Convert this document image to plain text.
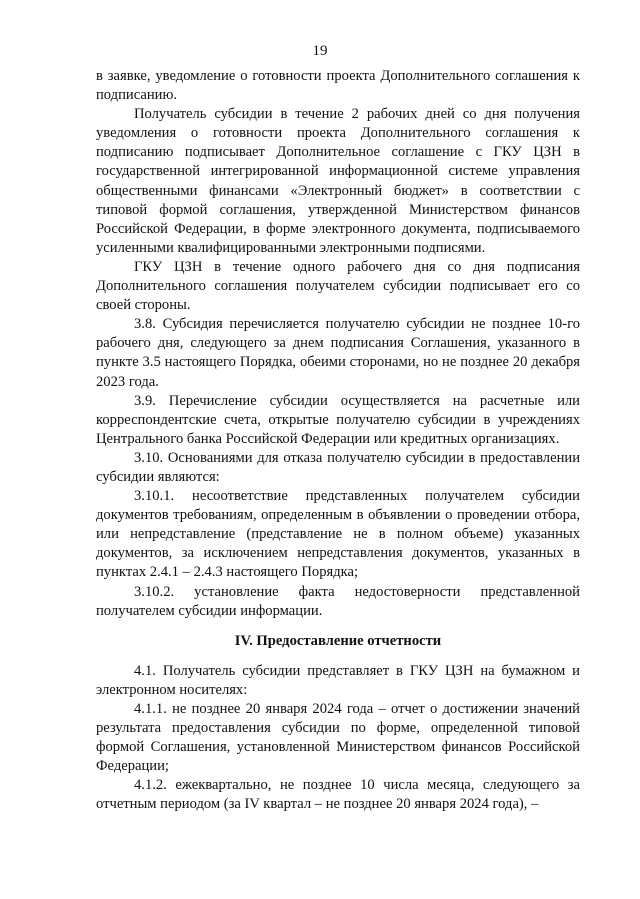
19

в заявке, уведомление о готовности проекта Дополнительного соглашения к подписанию.

Получатель субсидии в течение 2 рабочих дней со дня получения уведомления о готовности проекта Дополнительного соглашения к подписанию подписывает Дополнительное соглашение с ГКУ ЦЗН в государственной интегрированной информационной системе управления общественными финансами «Электронный бюджет» в соответствии с типовой формой соглашения, утвержденной Министерством финансов Российской Федерации, в форме электронного документа, подписываемого усиленными квалифицированными электронными подписями.

ГКУ ЦЗН в течение одного рабочего дня со дня подписания Дополнительного соглашения получателем субсидии подписывает его со своей стороны.

3.8. Субсидия перечисляется получателю субсидии не позднее 10-го рабочего дня, следующего за днем подписания Соглашения, указанного в пункте 3.5 настоящего Порядка, обеими сторонами, но не позднее 20 декабря 2023 года.

3.9. Перечисление субсидии осуществляется на расчетные или корреспондентские счета, открытые получателю субсидии в учреждениях Центрального банка Российской Федерации или кредитных организациях.

3.10. Основаниями для отказа получателю субсидии в предоставлении субсидии являются:

3.10.1. несоответствие представленных получателем субсидии документов требованиям, определенным в объявлении о проведении отбора, или непредставление (представление не в полном объеме) указанных документов, за исключением непредставления документов, указанных в пунктах 2.4.1 – 2.4.3 настоящего Порядка;

3.10.2. установление факта недостоверности представленной получателем субсидии информации.

IV. Предоставление отчетности

4.1. Получатель субсидии представляет в ГКУ ЦЗН на бумажном и электронном носителях:

4.1.1. не позднее 20 января 2024 года – отчет о достижении значений результата предоставления субсидии по форме, определенной типовой формой Соглашения, установленной Министерством финансов Российской Федерации;

4.1.2. ежеквартально, не позднее 10 числа месяца, следующего за отчетным периодом (за IV квартал – не позднее 20 января 2024 года), –
